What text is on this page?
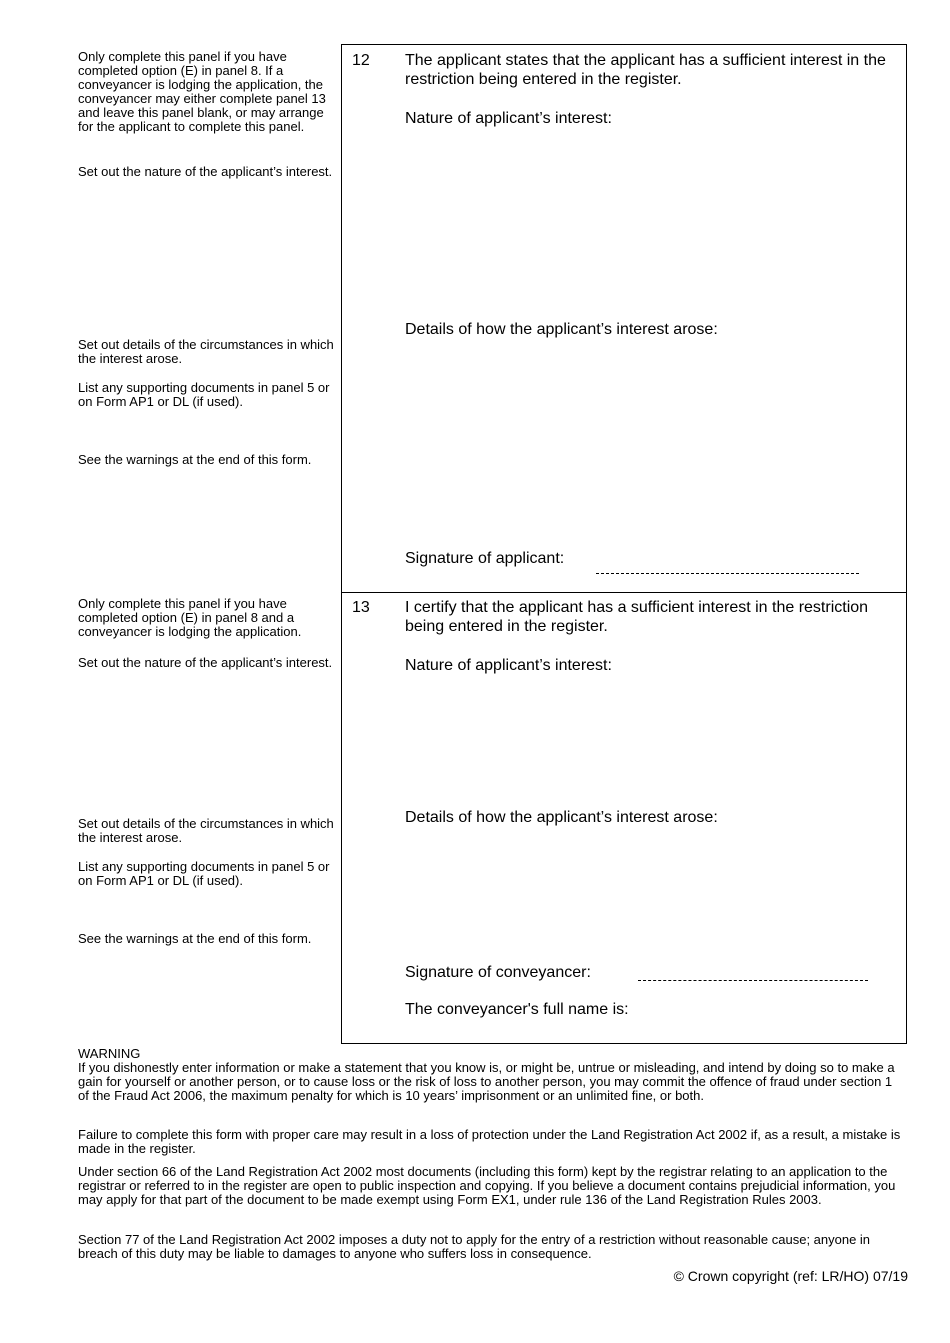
Only complete this panel if you have completed option (E) in panel 8. If a conveyancer is lodging the application, the conveyancer may either complete panel 13 and leave this panel blank, or may arrange for the applicant to complete this panel.
Set out the nature of the applicant’s interest.
Set out details of the circumstances in which the interest arose.
List any supporting documents in panel 5 or on Form AP1 or DL (if used).
See the warnings at the end of this form.
12 The applicant states that the applicant has a sufficient interest in the restriction being entered in the register.
Nature of applicant’s interest:
Details of how the applicant’s interest arose:
Signature of applicant:
Only complete this panel if you have completed option (E) in panel 8 and a conveyancer is lodging the application.
Set out the nature of the applicant’s interest.
Set out details of the circumstances in which the interest arose.
List any supporting documents in panel 5 or on Form AP1 or DL (if used).
See the warnings at the end of this form.
13 I certify that the applicant has a sufficient interest in the restriction being entered in the register.
Nature of applicant’s interest:
Details of how the applicant’s interest arose:
Signature of conveyancer:
The conveyancer's full name is:
WARNING
If you dishonestly enter information or make a statement that you know is, or might be, untrue or misleading, and intend by doing so to make a gain for yourself or another person, or to cause loss or the risk of loss to another person, you may commit the offence of fraud under section 1 of the Fraud Act 2006, the maximum penalty for which is 10 years’ imprisonment or an unlimited fine, or both.
Failure to complete this form with proper care may result in a loss of protection under the Land Registration Act 2002 if, as a result, a mistake is made in the register.
Under section 66 of the Land Registration Act 2002 most documents (including this form) kept by the registrar relating to an application to the registrar or referred to in the register are open to public inspection and copying. If you believe a document contains prejudicial information, you may apply for that part of the document to be made exempt using Form EX1, under rule 136 of the Land Registration Rules 2003.
Section 77 of the Land Registration Act 2002 imposes a duty not to apply for the entry of a restriction without reasonable cause; anyone in breach of this duty may be liable to damages to anyone who suffers loss in consequence.
© Crown copyright (ref: LR/HO) 07/19
